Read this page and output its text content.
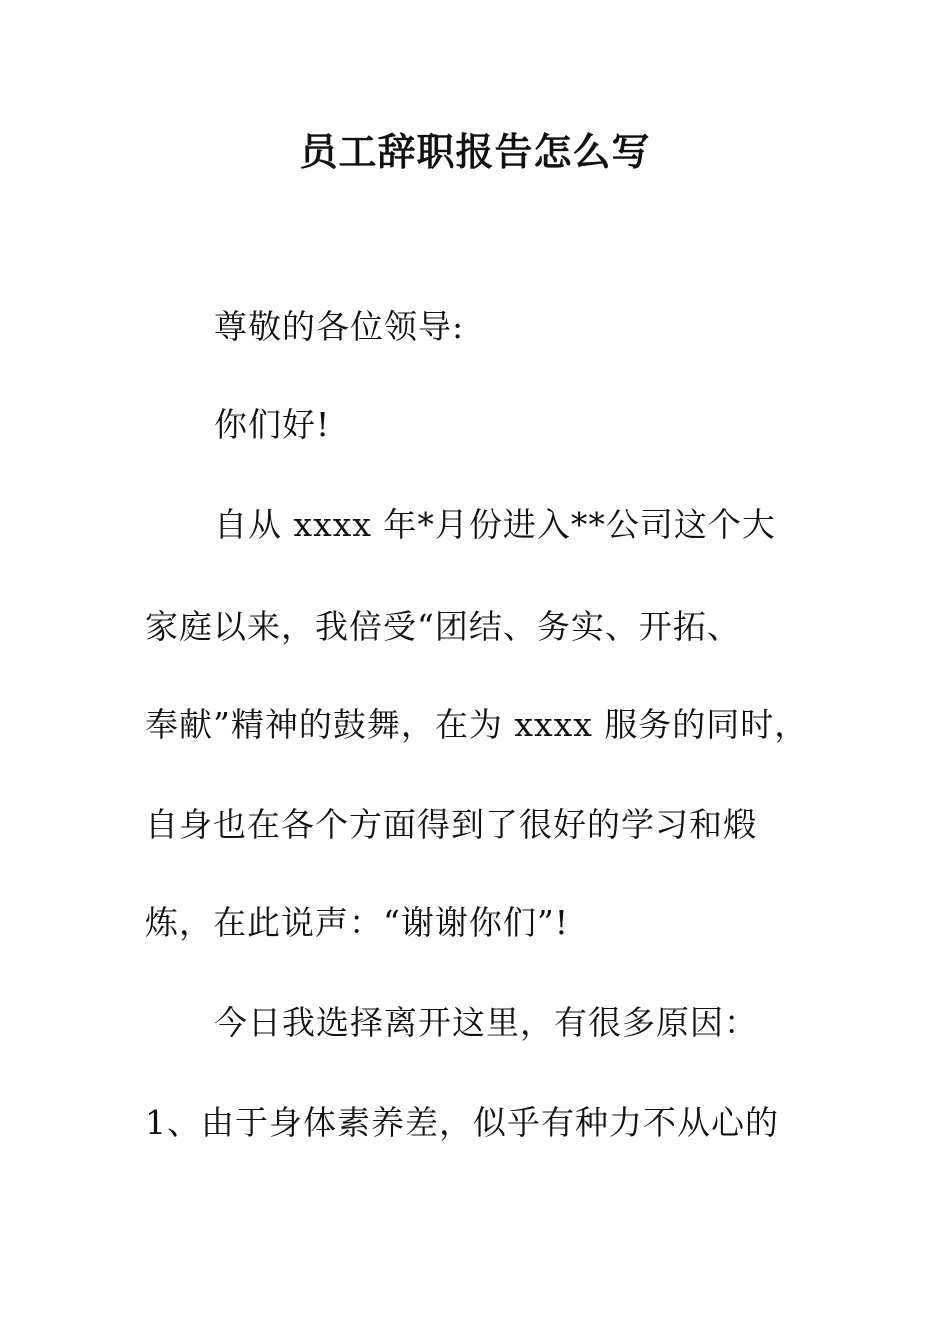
员工辞职报告怎么写
尊敬的各位领导:
你们好!
自从 xxxx 年*月份进入**公司这个大
家庭以来，我倍受“团结、务实、开拓、
奉献”精神的鼓舞，在为 xxxx 服务的同时，
自身也在各个方面得到了很好的学习和煅
炼，在此说声：“谢谢你们”!
今日我选择离开这里，有很多原因：
1、由于身体素养差，似乎有种力不从心的
